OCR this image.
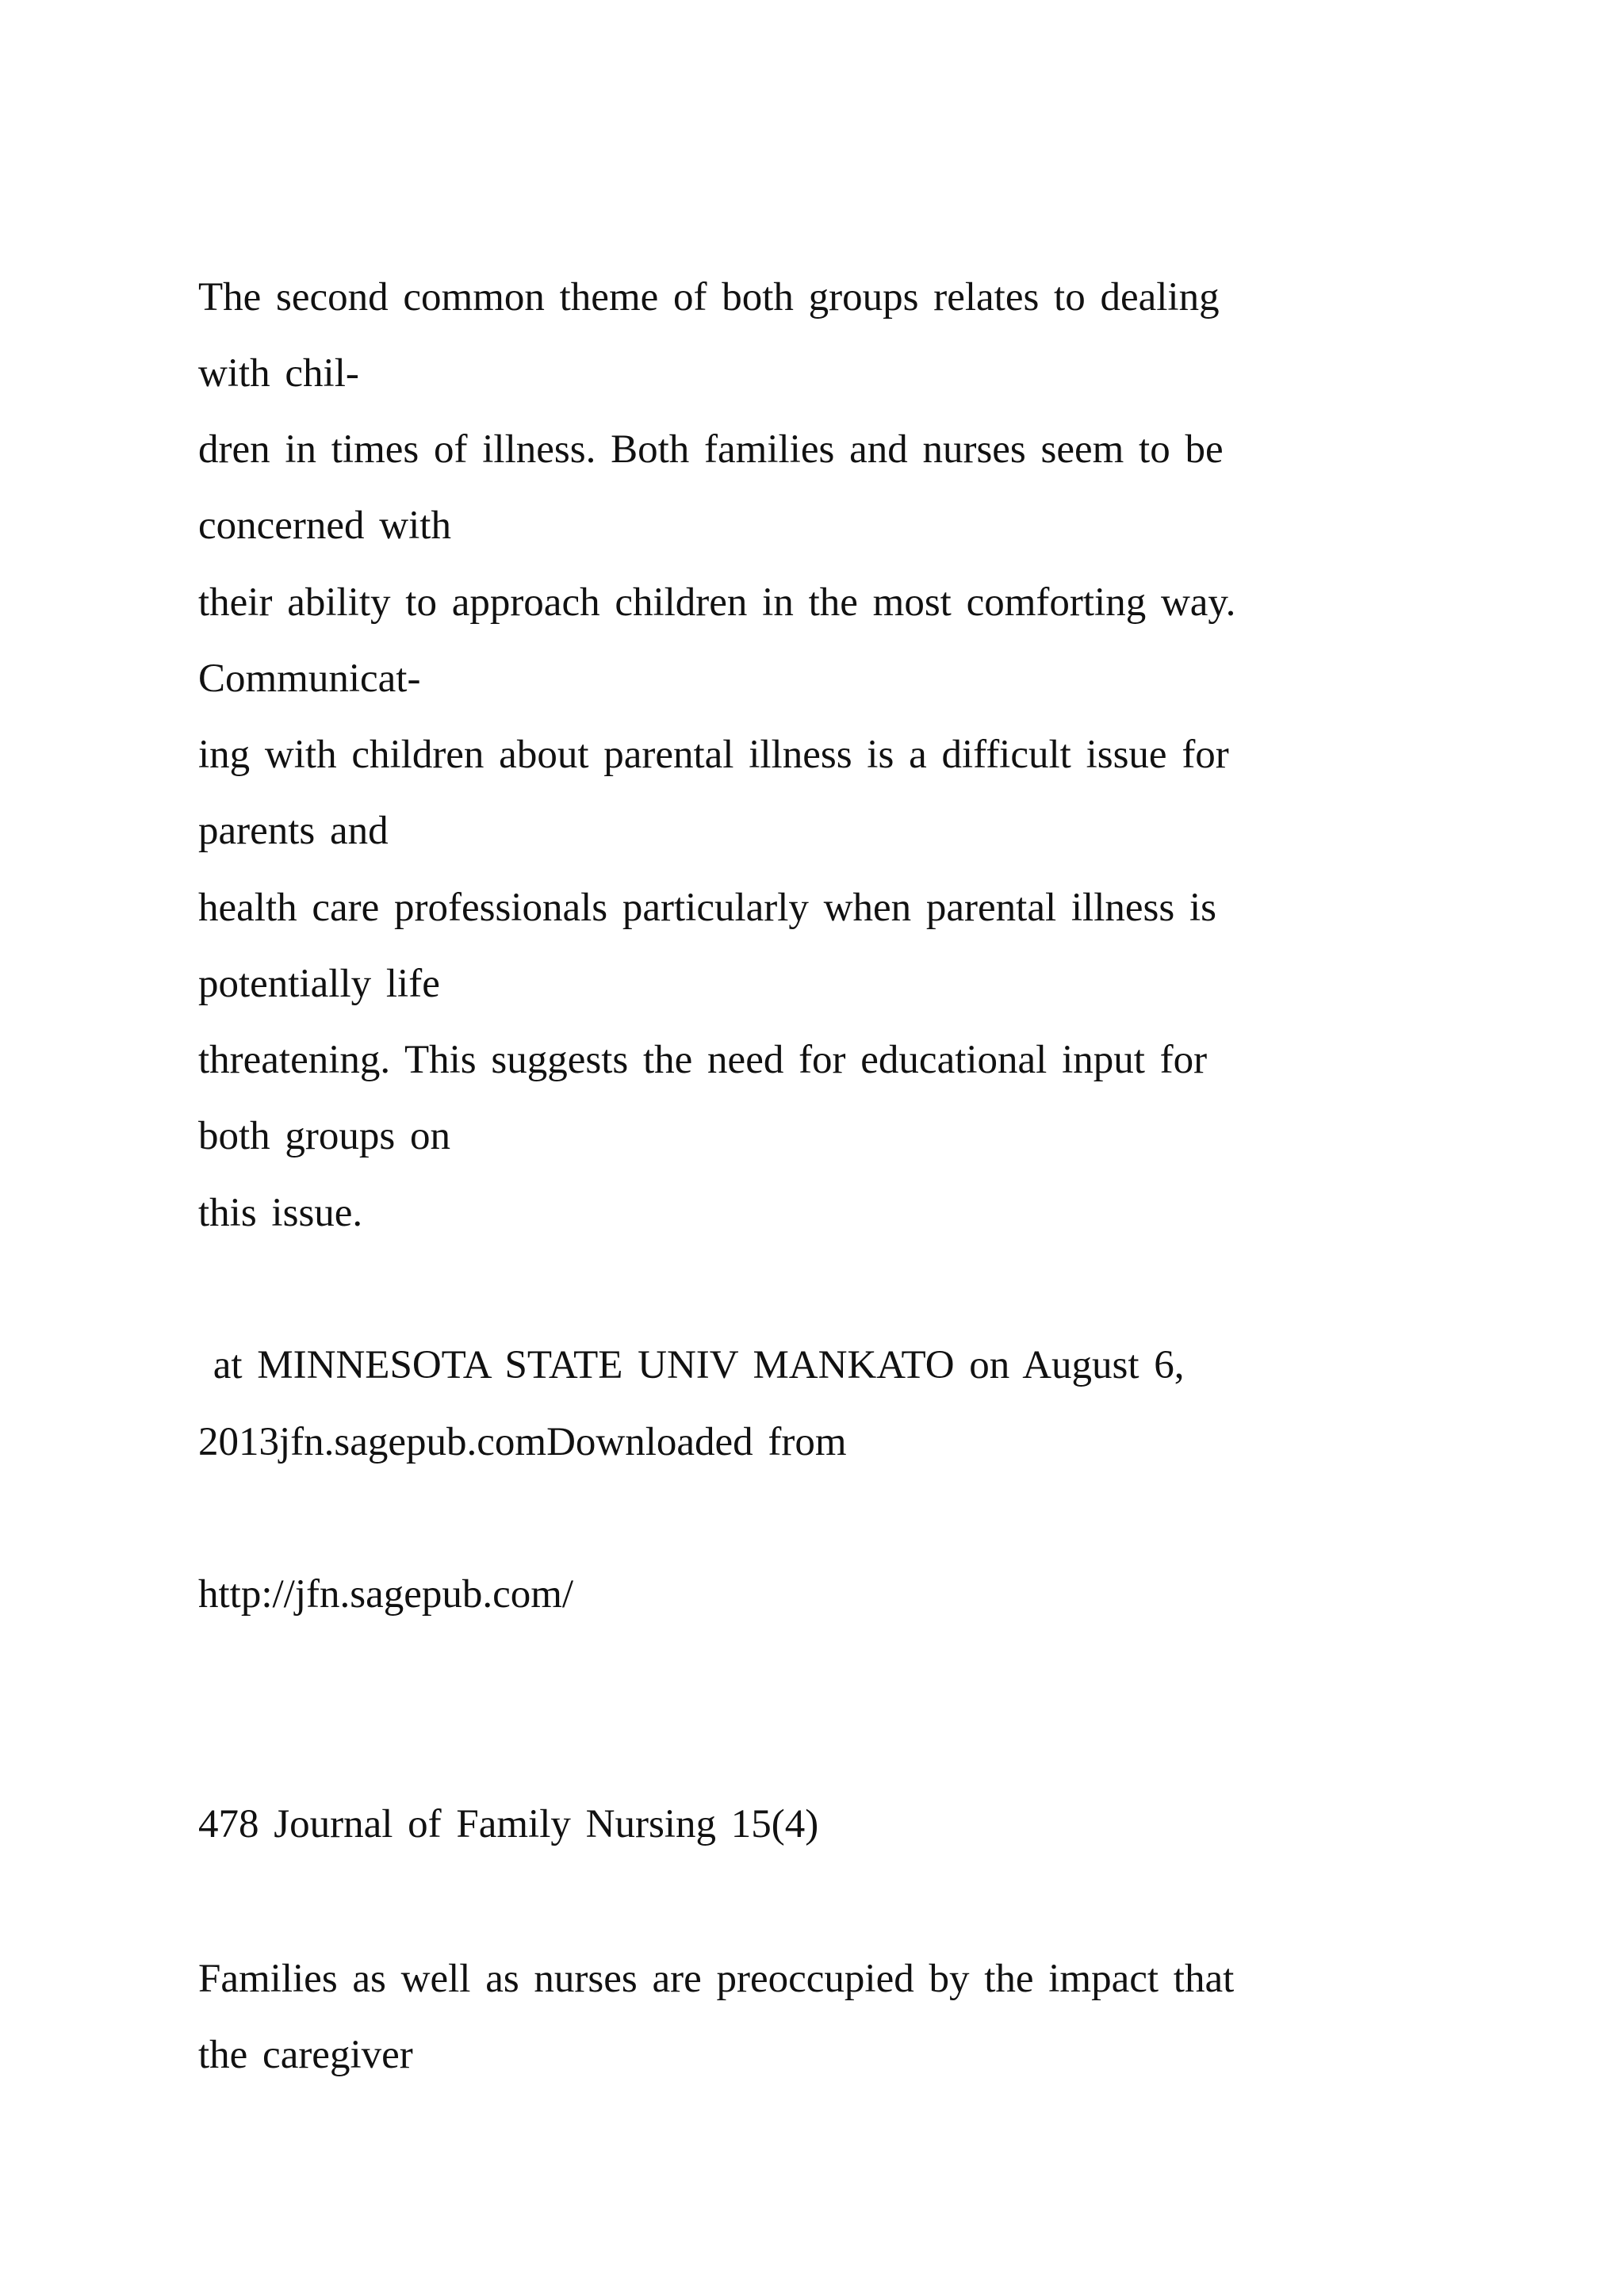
The second common theme of both groups relates to dealing
with chil-
dren in times of illness. Both families and nurses seem to be
concerned with
their ability to approach children in the most comforting way.
Communicat-
ing with children about parental illness is a difficult issue for
parents and
health care professionals particularly when parental illness is
potentially life
threatening. This suggests the need for educational input for
both groups on
this issue.
at MINNESOTA STATE UNIV MANKATO on August 6,
2013jfn.sagepub.comDownloaded from
http://jfn.sagepub.com/
478 Journal of Family Nursing 15(4)
Families as well as nurses are preoccupied by the impact that
the caregiver
